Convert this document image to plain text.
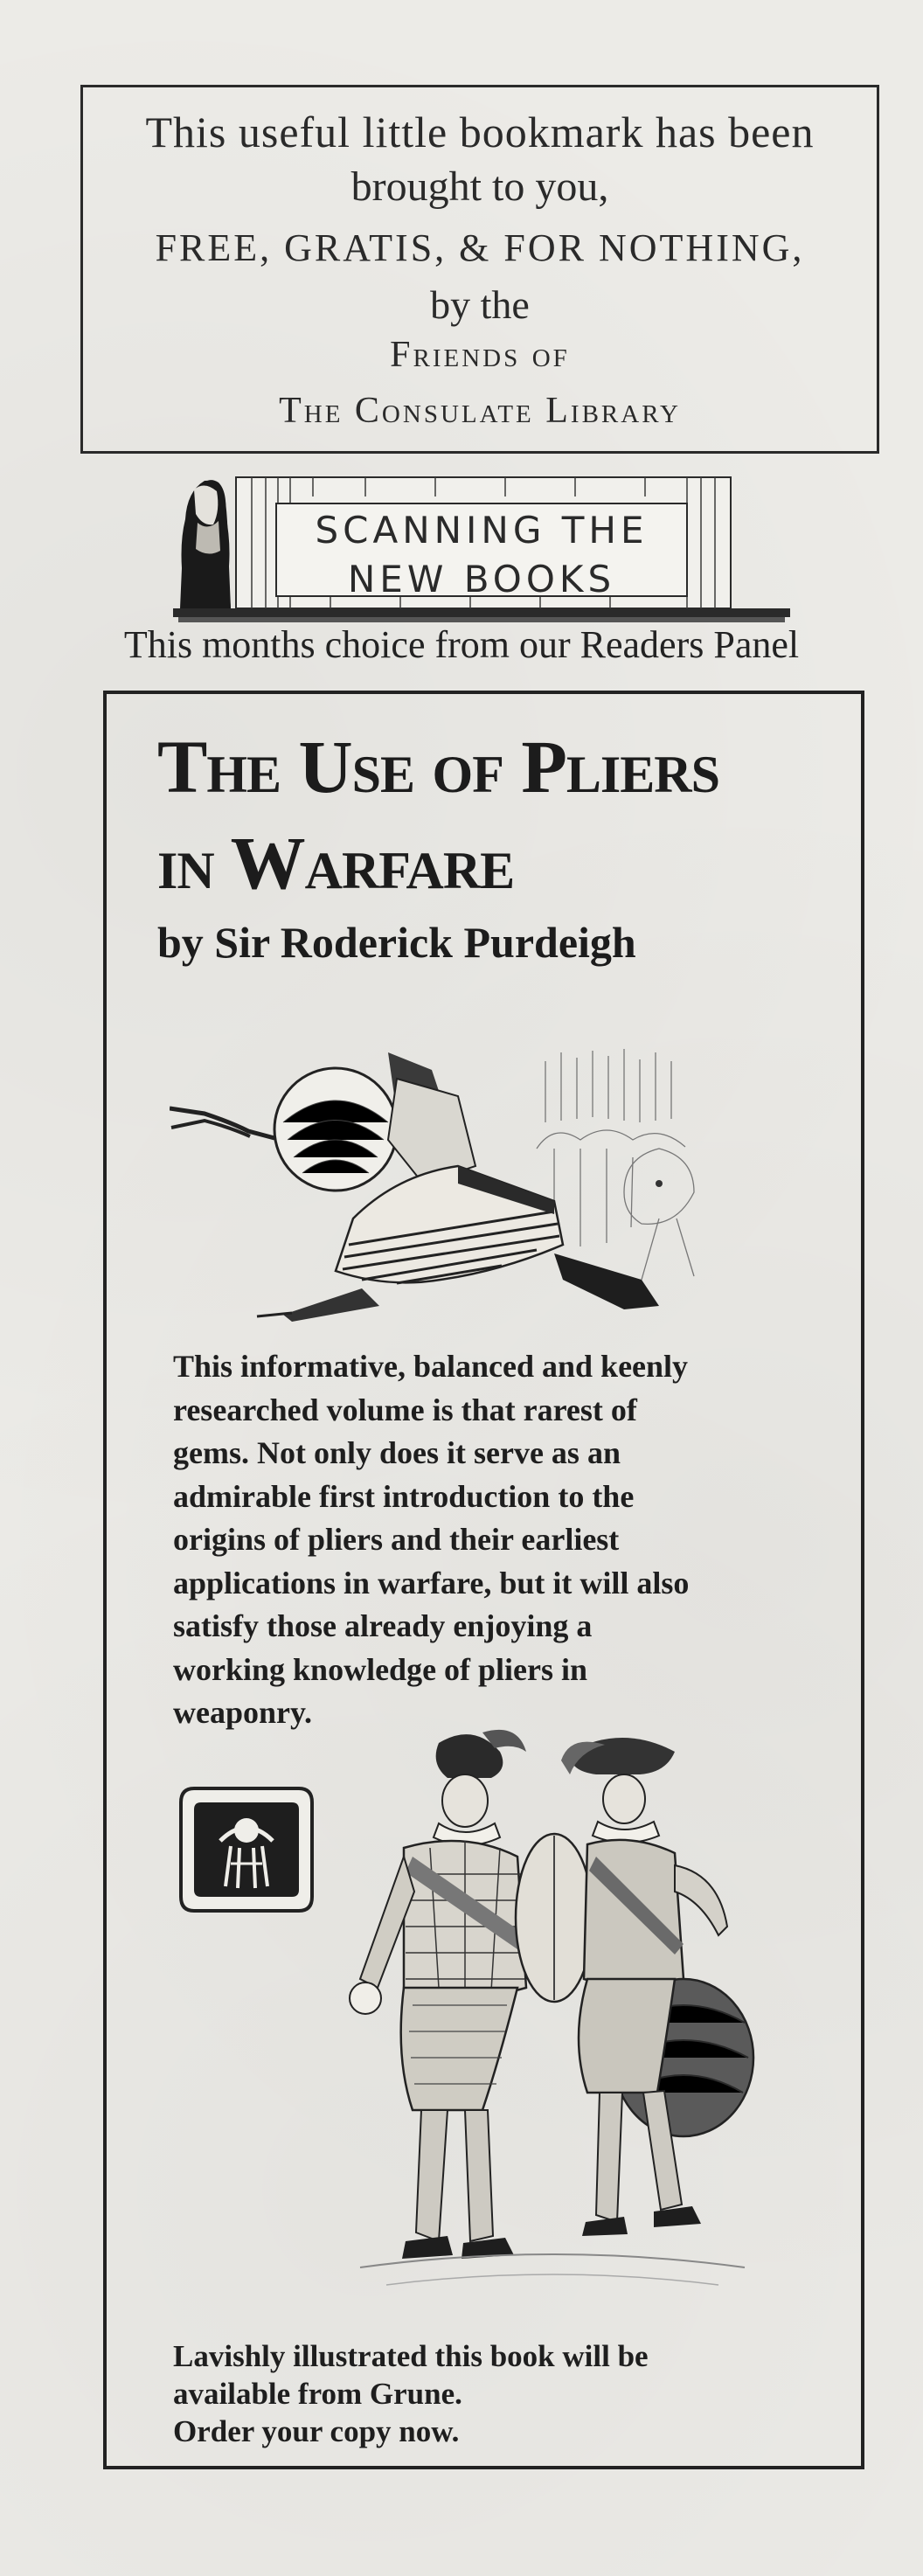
This useful little bookmark has been
brought to you,
FREE, GRATIS, & FOR NOTHING,
by the
Friends of
The Consulate Library
SCANNING THE
NEW BOOKS
This months choice from our Readers Panel
The Use of Pliers
in Warfare
by Sir Roderick Purdeigh
This informative, balanced and keenly
researched volume is that rarest of
gems. Not only does it serve as an
admirable first introduction to the
origins of pliers and their earliest
applications in warfare, but it will also
satisfy those already enjoying a
working knowledge of pliers in
weaponry.
Lavishly illustrated this book will be
available from Grune.
Order your copy now.
